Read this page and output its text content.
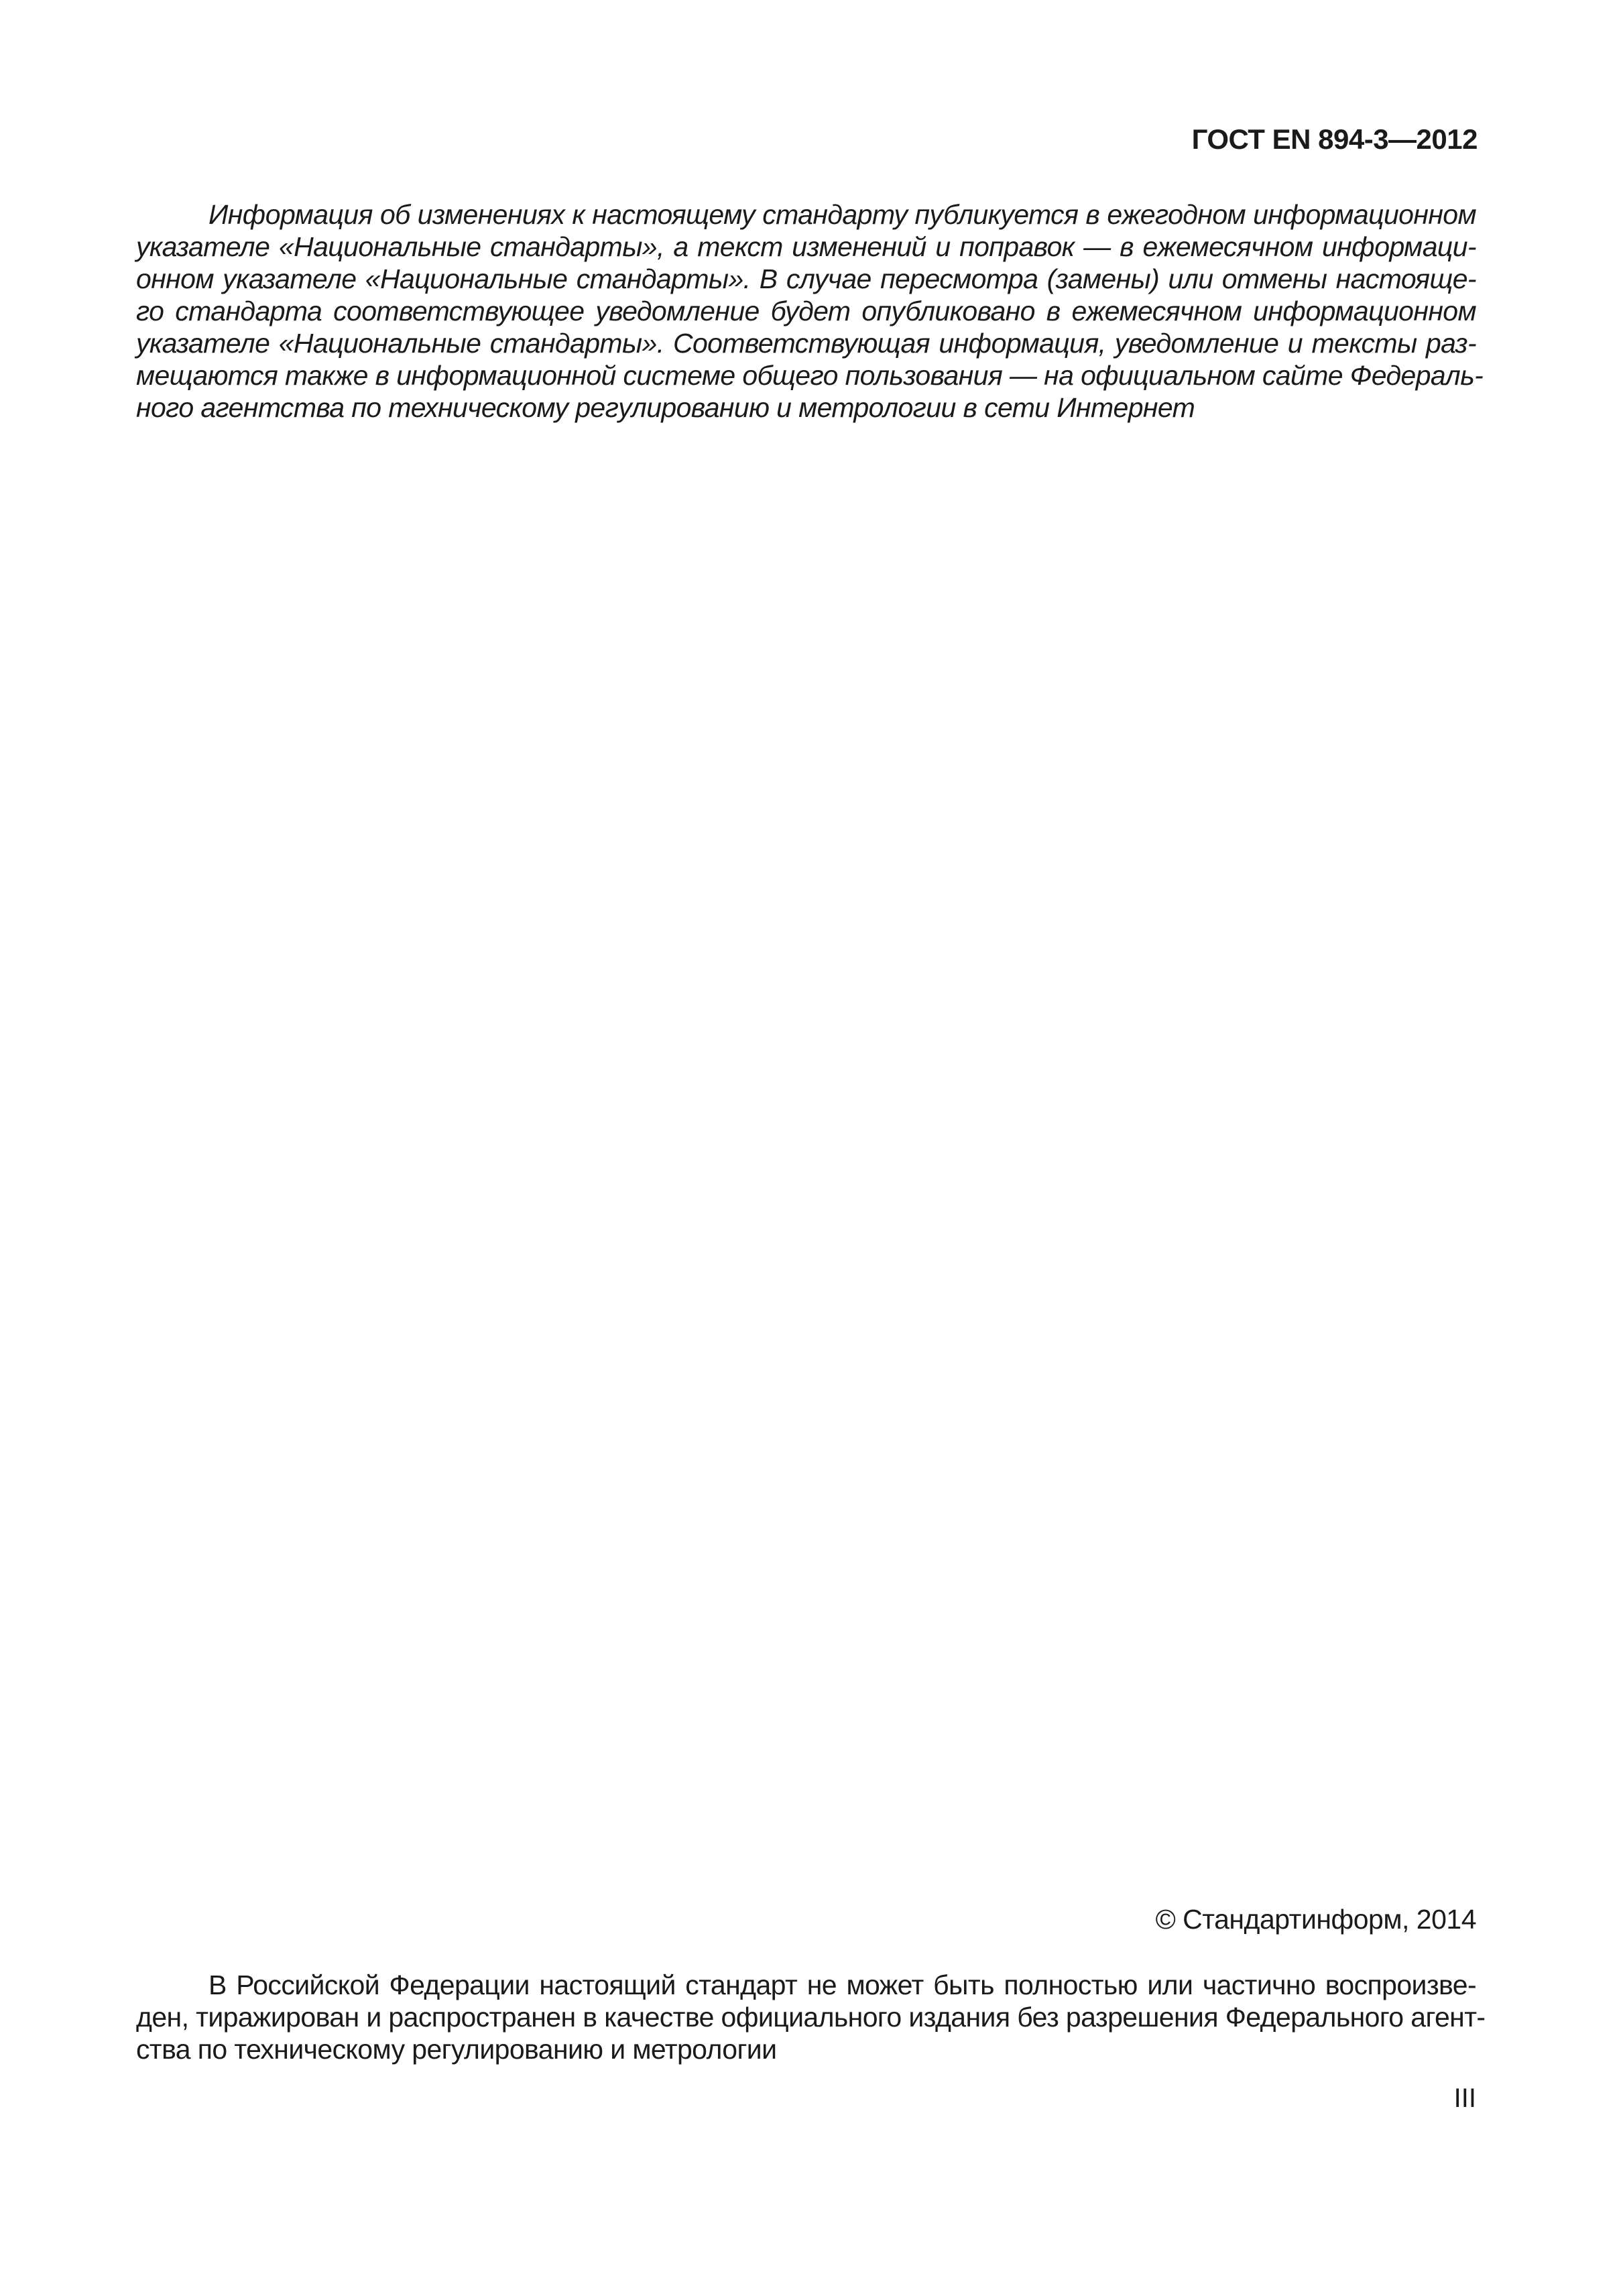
ГОСТ EN 894-3—2012
Информация об изменениях к настоящему стандарту публикуется в ежегодном информационном
указателе «Национальные стандарты», а текст изменений и поправок — в ежемесячном информаци-
онном указателе «Национальные стандарты». В случае пересмотра (замены) или отмены настояще-
го стандарта соответствующее уведомление будет опубликовано в ежемесячном информационном
указателе «Национальные стандарты». Соответствующая информация, уведомление и тексты раз-
мещаются также в информационной системе общего пользования — на официальном сайте Федераль-
ного агентства по техническому регулированию и метрологии в сети Интернет
© Стандартинформ, 2014
В Российской Федерации настоящий стандарт не может быть полностью или частично воспроизве-
ден, тиражирован и распространен в качестве официального издания без разрешения Федерального агент-
ства по техническому регулированию и метрологии
III
